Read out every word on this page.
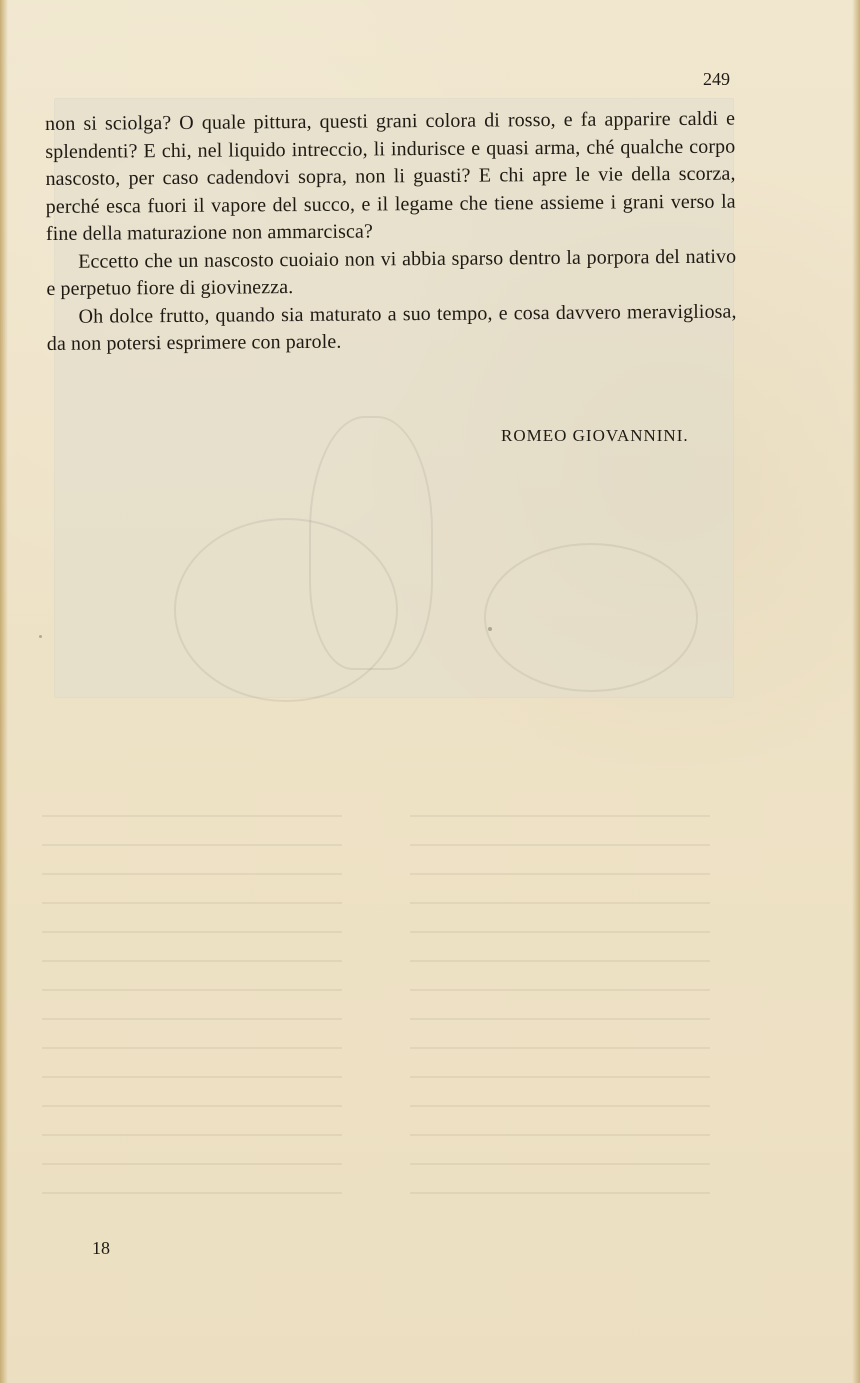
249

non si sciolga? O quale pittura, questi grani colora di rosso, e fa apparire caldi e splendenti? E chi, nel liquido intreccio, li indurisce e quasi arma, ché qualche corpo nascosto, per caso cadendovi sopra, non li guasti? E chi apre le vie della scorza, perché esca fuori il vapore del succo, e il legame che tiene assieme i grani verso la fine della maturazione non ammarcisca?

Eccetto che un nascosto cuoiaio non vi abbia sparso dentro la porpora del nativo e perpetuo fiore di giovinezza.

Oh dolce frutto, quando sia maturato a suo tempo, e cosa davvero meravigliosa, da non potersi esprimere con parole.

ROMEO GIOVANNINI.
18
